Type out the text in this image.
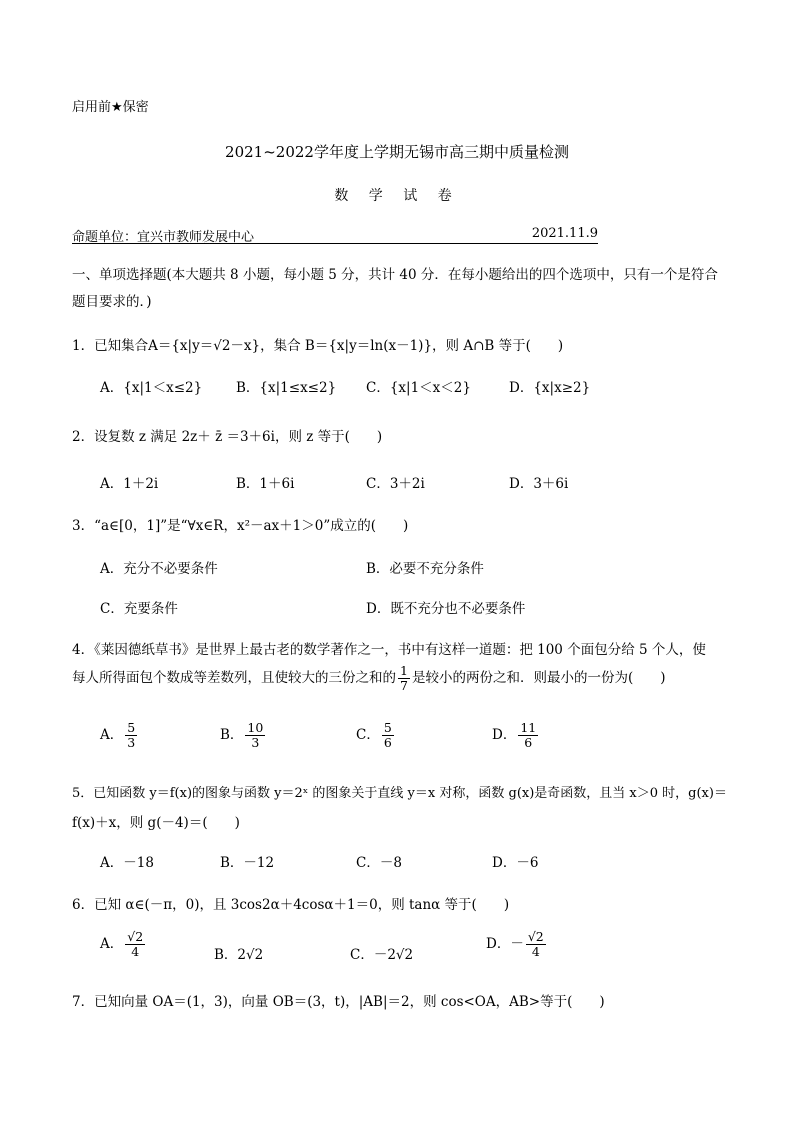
启用前★保密
2021~2022学年度上学期无锡市高三期中质量检测
数 学 试 卷
命题单位：宜兴市教师发展中心	2021.11.9
一、单项选择题(本大题共 8 小题，每小题 5 分，共计 40 分．在每小题给出的四个选项中，只有一个是符合题目要求的．)
1．已知集合A＝{x|y＝√2－x}，集合 B＝{x|y＝ln(x－1)}，则 A∩B 等于(　　)
A．{x|1＜x≤2}	B．{x|1≤x≤2} C．{x|1＜x＜2}	D．{x|x≥2}
2．设复数 z 满足 2z＋ z̄ ＝3＋6i，则 z 等于(　　)
A．1＋2i	B．1＋6i	C．3＋2i	D．3＋6i
3．“a∈[0，1]”是“∀x∈R，x²－ax＋1＞0”成立的(　　)
A．充分不必要条件	B．必要不充分条件
C．充要条件	D．既不充分也不必要条件
4．《莱因德纸草书》是世界上最古老的数学著作之一，书中有这样一道题：把 100 个面包分给 5 个人，使
每人所得面包个数成等差数列，且使较大的三份之和的 $\frac{1}{7}$ 是较小的两份之和．则最小的一份为(　　)
A． $\frac{5}{3}$	B． $\frac{10}{3}$	C． $\frac{5}{6}$	D． $\frac{11}{6}$
5．已知函数 y＝f(x)的图象与函数 y＝2ˣ 的图象关于直线 y＝x 对称，函数 g(x)是奇函数，且当 x＞0 时，g(x)＝
f(x)＋x，则 g(－4)＝(　　)
A．－18	B．－12	C．－8	D．－6
6．已知 α∈(－π，0)，且 3cos2α＋4cosα＋1＝0，则 tanα 等于(　　)
A． $\frac{√2}{4}$	B．2√2	C．－2√2
D．－ $\frac{√2}{4}$
7．已知向量 OA＝(1，3)，向量 OB＝(3，t)，|AB|＝2，则 cos<OA，AB>等于(　　)
